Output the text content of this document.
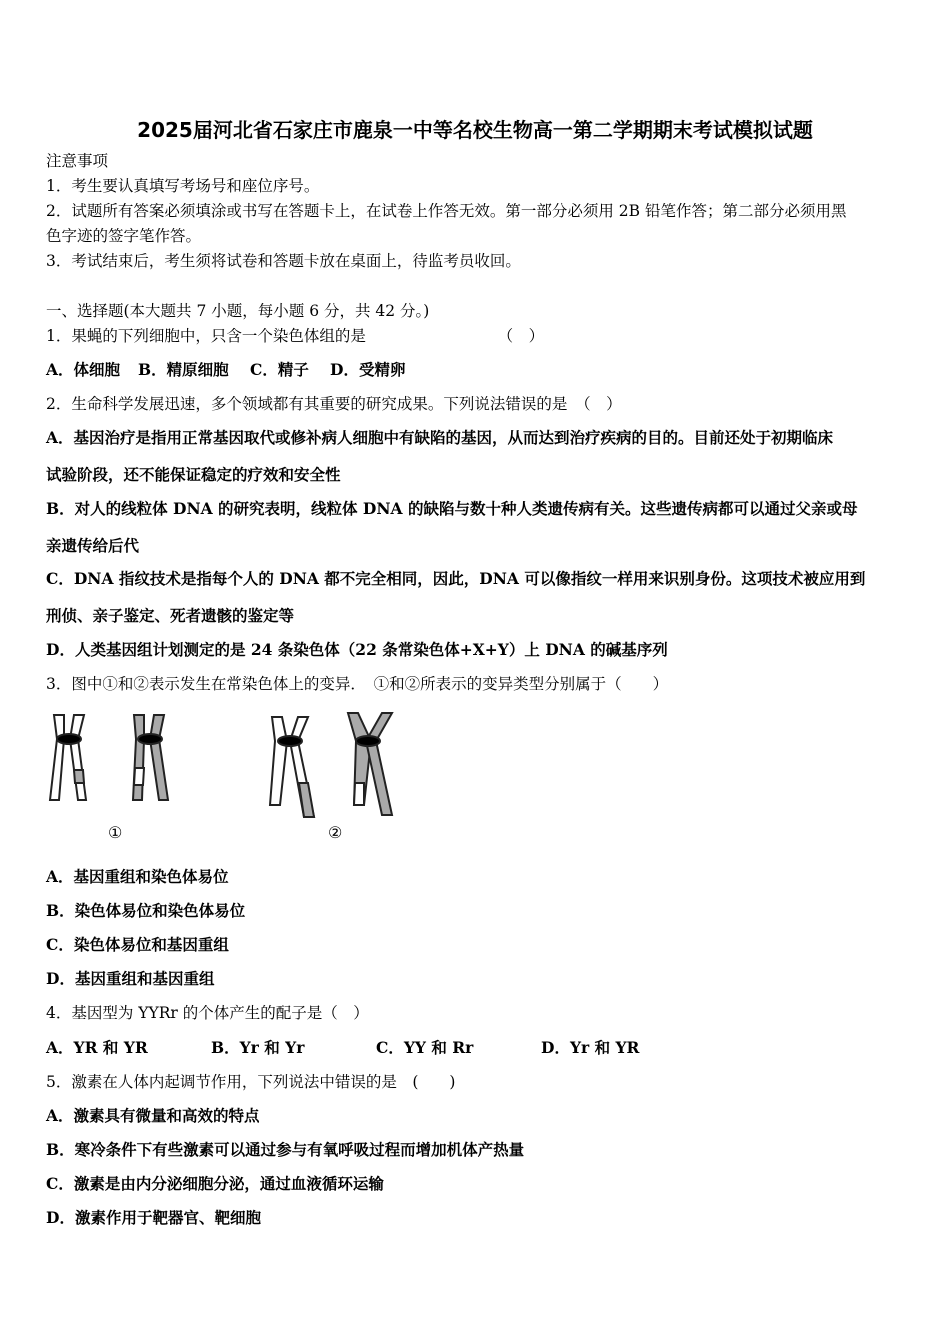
2025届河北省石家庄市鹿泉一中等名校生物高一第二学期期末考试模拟试题
注意事项
1．考生要认真填写考场号和座位序号。
2．试题所有答案必须填涂或书写在答题卡上，在试卷上作答无效。第一部分必须用 2B 铅笔作答；第二部分必须用黑
色字迹的签字笔作答。
3．考试结束后，考生须将试卷和答题卡放在桌面上，待监考员收回。
一、选择题(本大题共 7 小题，每小题 6 分，共 42 分。)
1．果蝇的下列细胞中，只含一个染色体组的是　　　　　　　　　（　）
A．体细胞 B．精原细胞 C．精子 D．受精卵
2．生命科学发展迅速，多个领域都有其重要的研究成果。下列说法错误的是　（　）
A．基因治疗是指用正常基因取代或修补病人细胞中有缺陷的基因，从而达到治疗疾病的目的。目前还处于初期临床
试验阶段，还不能保证稳定的疗效和安全性
B．对人的线粒体 DNA 的研究表明，线粒体 DNA 的缺陷与数十种人类遗传病有关。这些遗传病都可以通过父亲或母
亲遗传给后代
C．DNA 指纹技术是指每个人的 DNA 都不完全相同，因此，DNA 可以像指纹一样用来识别身份。这项技术被应用到
刑侦、亲子鉴定、死者遗骸的鉴定等
D．人类基因组计划测定的是 24 条染色体（22 条常染色体+X+Y）上 DNA 的碱基序列
3．图中①和②表示发生在常染色体上的变异．　①和②所表示的变异类型分别属于（　　）
①	②
A．基因重组和染色体易位
B．染色体易位和染色体易位
C．染色体易位和基因重组
D．基因重组和基因重组
4．基因型为 YYRr 的个体产生的配子是（　）
A．YR 和 YR	B．Yr 和 Yr	C．YY 和 Rr	D．Yr 和 YR
5．激素在人体内起调节作用，下列说法中错误的是　(　　)
A．激素具有微量和高效的特点
B．寒冷条件下有些激素可以通过参与有氧呼吸过程而增加机体产热量
C．激素是由内分泌细胞分泌，通过血液循环运输
D．激素作用于靶器官、靶细胞
